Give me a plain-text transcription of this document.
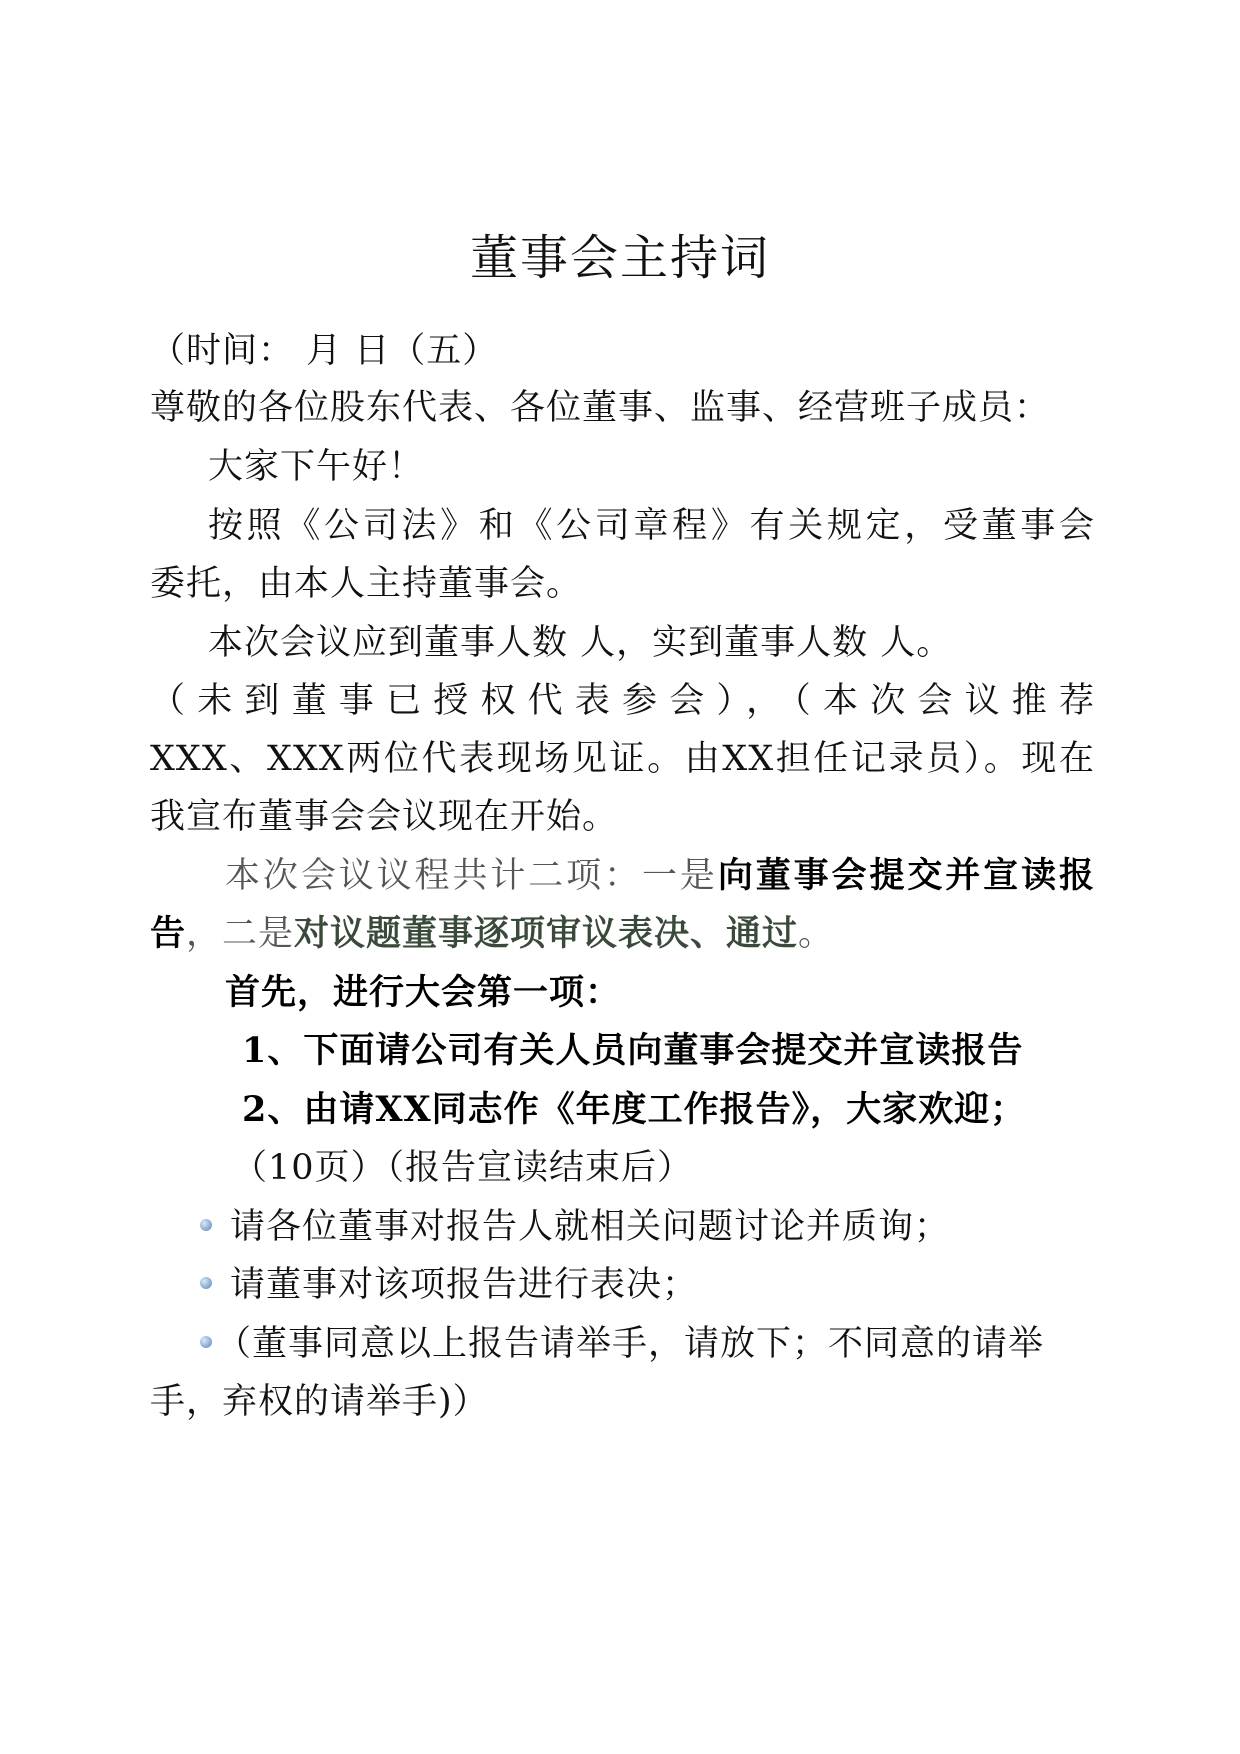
董事会主持词
（时间： 月 日（五）
尊敬的各位股东代表、各位董事、监事、经营班子成员：
大家下午好！
按照《公司法》和《公司章程》有关规定，受董事会
委托，由本人主持董事会。
本次会议应到董事人数 人，实到董事人数 人。
（未到董事已授权代表参会），（本次会议推荐
XXX、XXX两位代表现场见证。由XX担任记录员）。现在
我宣布董事会会议现在开始。
本次会议议程共计二项：一是向董事会提交并宣读报
告，二是对议题董事逐项审议表决、通过。
首先，进行大会第一项：
1、下面请公司有关人员向董事会提交并宣读报告
2、由请XX同志作《年度工作报告》，大家欢迎；
（10页）（报告宣读结束后）
请各位董事对报告人就相关问题讨论并质询；
请董事对该项报告进行表决；
（董事同意以上报告请举手，请放下；不同意的请举
手，弃权的请举手)）
